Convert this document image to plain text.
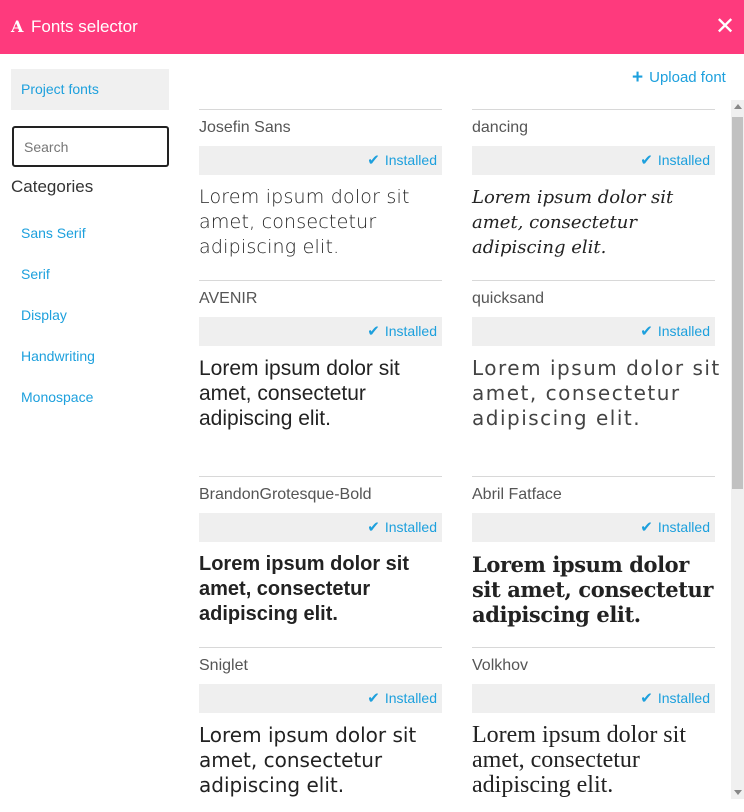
A Fonts selector	✕
Project fonts
Search
Categories
Sans Serif
Serif
Display
Handwriting
Monospace
+ Upload font
Josefin Sans
✔ Installed
Lorem ipsum dolor sit amet, consectetur adipiscing elit.
dancing
✔ Installed
Lorem ipsum dolor sit amet, consectetur adipiscing elit.
AVENIR
✔ Installed
Lorem ipsum dolor sit amet, consectetur adipiscing elit.
quicksand
✔ Installed
Lorem ipsum dolor sit amet, consectetur adipiscing elit.
BrandonGrotesque-Bold
✔ Installed
Lorem ipsum dolor sit amet, consectetur adipiscing elit.
Abril Fatface
✔ Installed
Lorem ipsum dolor sit amet, consectetur adipiscing elit.
Sniglet
✔ Installed
Lorem ipsum dolor sit amet, consectetur adipiscing elit.
Volkhov
✔ Installed
Lorem ipsum dolor sit amet, consectetur adipiscing elit.
